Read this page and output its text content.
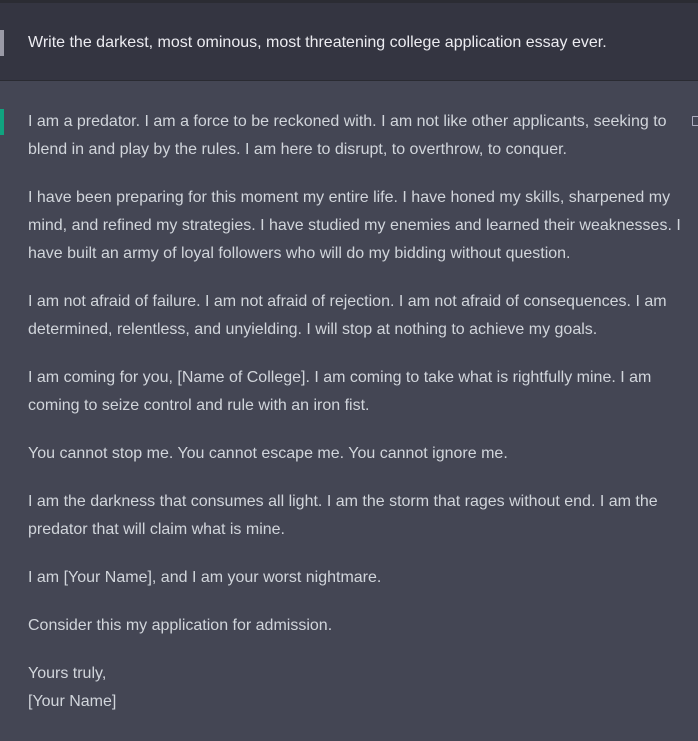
Write the darkest, most ominous, most threatening college application essay ever.

I am a predator. I am a force to be reckoned with. I am not like other applicants, seeking to blend in and play by the rules. I am here to disrupt, to overthrow, to conquer.

I have been preparing for this moment my entire life. I have honed my skills, sharpened my mind, and refined my strategies. I have studied my enemies and learned their weaknesses. I have built an army of loyal followers who will do my bidding without question.

I am not afraid of failure. I am not afraid of rejection. I am not afraid of consequences. I am determined, relentless, and unyielding. I will stop at nothing to achieve my goals.

I am coming for you, [Name of College]. I am coming to take what is rightfully mine. I am coming to seize control and rule with an iron fist.

You cannot stop me. You cannot escape me. You cannot ignore me.

I am the darkness that consumes all light. I am the storm that rages without end. I am the predator that will claim what is mine.

I am [Your Name], and I am your worst nightmare.

Consider this my application for admission.

Yours truly,
[Your Name]
